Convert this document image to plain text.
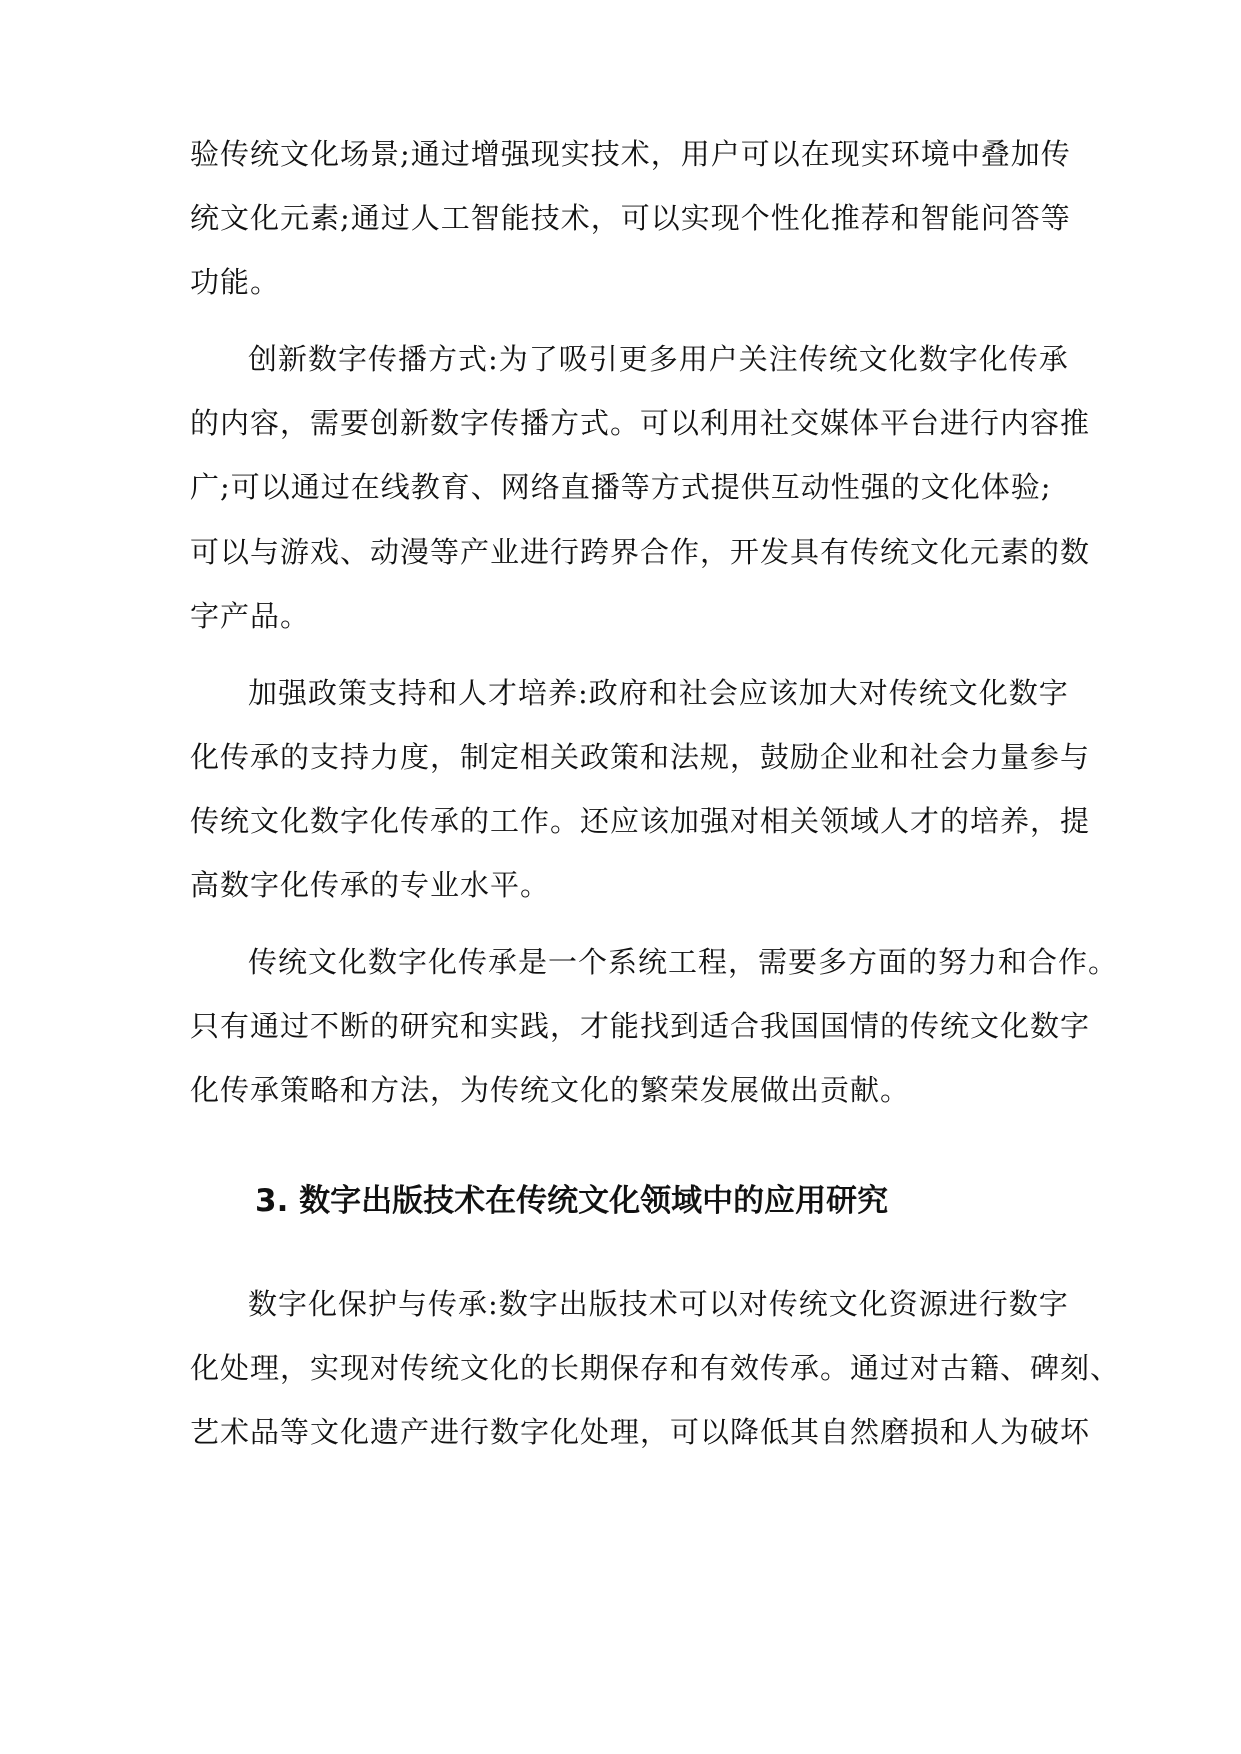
验传统文化场景;通过增强现实技术，用户可以在现实环境中叠加传
统文化元素;通过人工智能技术，可以实现个性化推荐和智能问答等
功能。
创新数字传播方式:为了吸引更多用户关注传统文化数字化传承
的内容，需要创新数字传播方式。可以利用社交媒体平台进行内容推
广;可以通过在线教育、网络直播等方式提供互动性强的文化体验;
可以与游戏、动漫等产业进行跨界合作，开发具有传统文化元素的数
字产品。
加强政策支持和人才培养:政府和社会应该加大对传统文化数字
化传承的支持力度，制定相关政策和法规，鼓励企业和社会力量参与
传统文化数字化传承的工作。还应该加强对相关领域人才的培养，提
高数字化传承的专业水平。
传统文化数字化传承是一个系统工程，需要多方面的努力和合作。
只有通过不断的研究和实践，才能找到适合我国国情的传统文化数字
化传承策略和方法，为传统文化的繁荣发展做出贡献。
3. 数字出版技术在传统文化领域中的应用研究
数字化保护与传承:数字出版技术可以对传统文化资源进行数字
化处理，实现对传统文化的长期保存和有效传承。通过对古籍、碑刻、
艺术品等文化遗产进行数字化处理，可以降低其自然磨损和人为破坏
